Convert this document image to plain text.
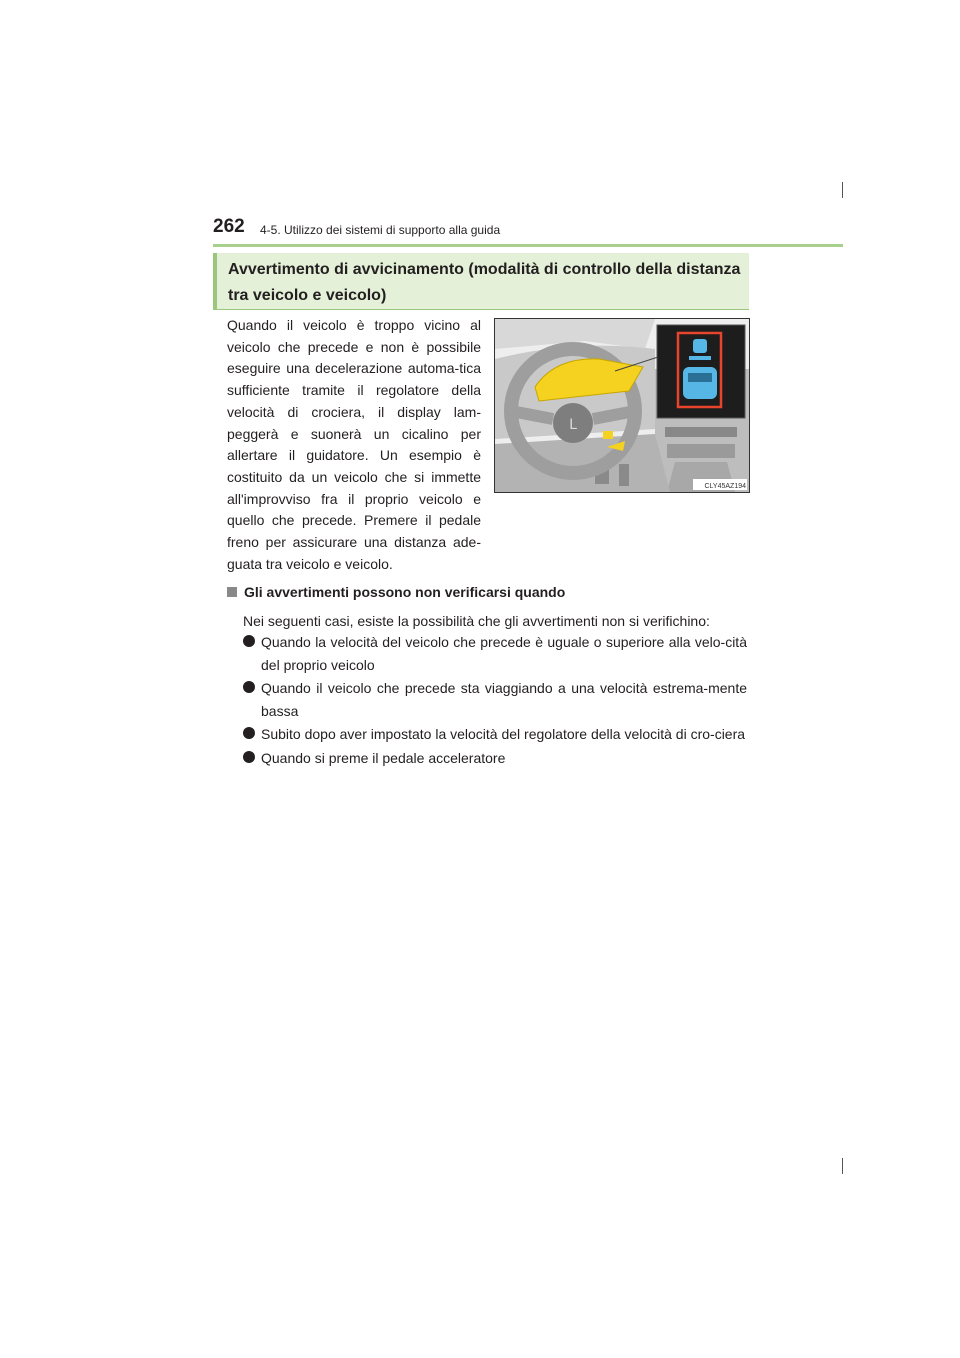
262 4-5. Utilizzo dei sistemi di supporto alla guida
Avvertimento di avvicinamento (modalità di controllo della distanza tra veicolo e veicolo)

Quando il veicolo è troppo vicino al veicolo che precede e non è possibile eseguire una decelerazione automa-tica sufficiente tramite il regolatore della velocità di crociera, il display lam-peggerà e suonerà un cicalino per allertare il guidatore. Un esempio è costituito da un veicolo che si immette all'improvviso fra il proprio veicolo e quello che precede. Premere il pedale freno per assicurare una distanza ade-guata tra veicolo e veicolo.

L
CLY45AZ194
Gli avvertimenti possono non verificarsi quando

Nei seguenti casi, esiste la possibilità che gli avvertimenti non si verifichino:

Quando la velocità del veicolo che precede è uguale o superiore alla velo-cità del proprio veicolo
Quando il veicolo che precede sta viaggiando a una velocità estrema-mente bassa
Subito dopo aver impostato la velocità del regolatore della velocità di cro-ciera
Quando si preme il pedale acceleratore
